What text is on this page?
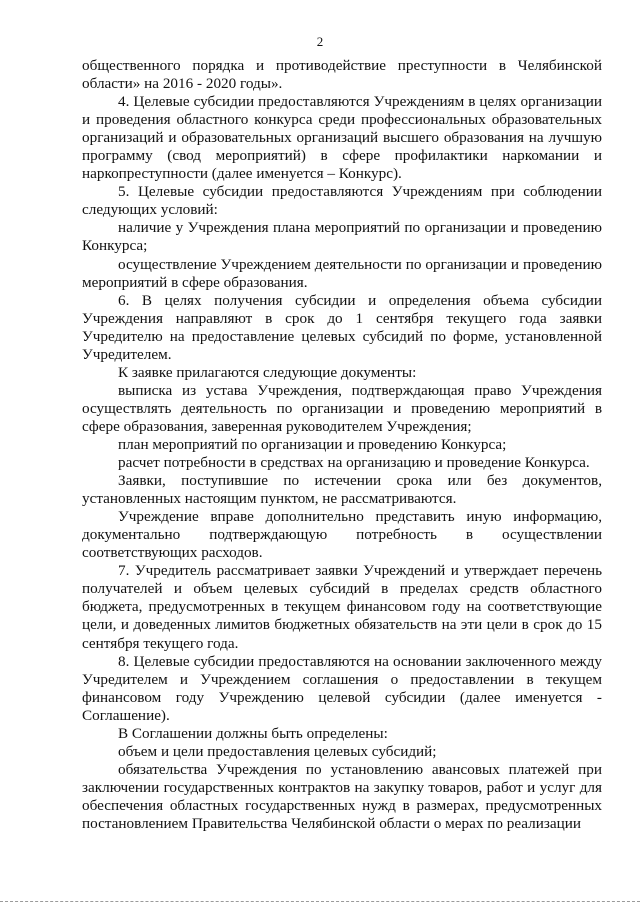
2

общественного порядка и противодействие преступности в Челябинской области» на 2016 - 2020 годы».

4. Целевые субсидии предоставляются Учреждениям в целях организации и проведения областного конкурса среди профессиональных образовательных организаций и образовательных организаций высшего образования на лучшую программу (свод мероприятий) в сфере профилактики наркомании и наркопреступности (далее именуется – Конкурс).

5. Целевые субсидии предоставляются Учреждениям при соблюдении следующих условий:

наличие у Учреждения плана мероприятий по организации и проведению Конкурса;

осуществление Учреждением деятельности по организации и проведению мероприятий в сфере образования.

6. В целях получения субсидии и определения объема субсидии Учреждения направляют в срок до 1 сентября текущего года заявки Учредителю на предоставление целевых субсидий по форме, установленной Учредителем.

К заявке прилагаются следующие документы:

выписка из устава Учреждения, подтверждающая право Учреждения осуществлять деятельность по организации и проведению мероприятий в сфере образования, заверенная руководителем Учреждения;

план мероприятий по организации и проведению Конкурса;

расчет потребности в средствах на организацию и проведение Конкурса.

Заявки, поступившие по истечении срока или без документов, установленных настоящим пунктом, не рассматриваются.

Учреждение вправе дополнительно представить иную информацию, документально подтверждающую потребность в осуществлении соответствующих расходов.

7. Учредитель рассматривает заявки Учреждений и утверждает перечень получателей и объем целевых субсидий в пределах средств областного бюджета, предусмотренных в текущем финансовом году на соответствующие цели, и доведенных лимитов бюджетных обязательств на эти цели в срок до 15 сентября текущего года.

8. Целевые субсидии предоставляются на основании заключенного между Учредителем и Учреждением соглашения о предоставлении в текущем финансовом году Учреждению целевой субсидии (далее именуется - Соглашение).

В Соглашении должны быть определены:

объем и цели предоставления целевых субсидий;

обязательства Учреждения по установлению авансовых платежей при заключении государственных контрактов на закупку товаров, работ и услуг для обеспечения областных государственных нужд в размерах, предусмотренных постановлением Правительства Челябинской области о мерах по реализации
